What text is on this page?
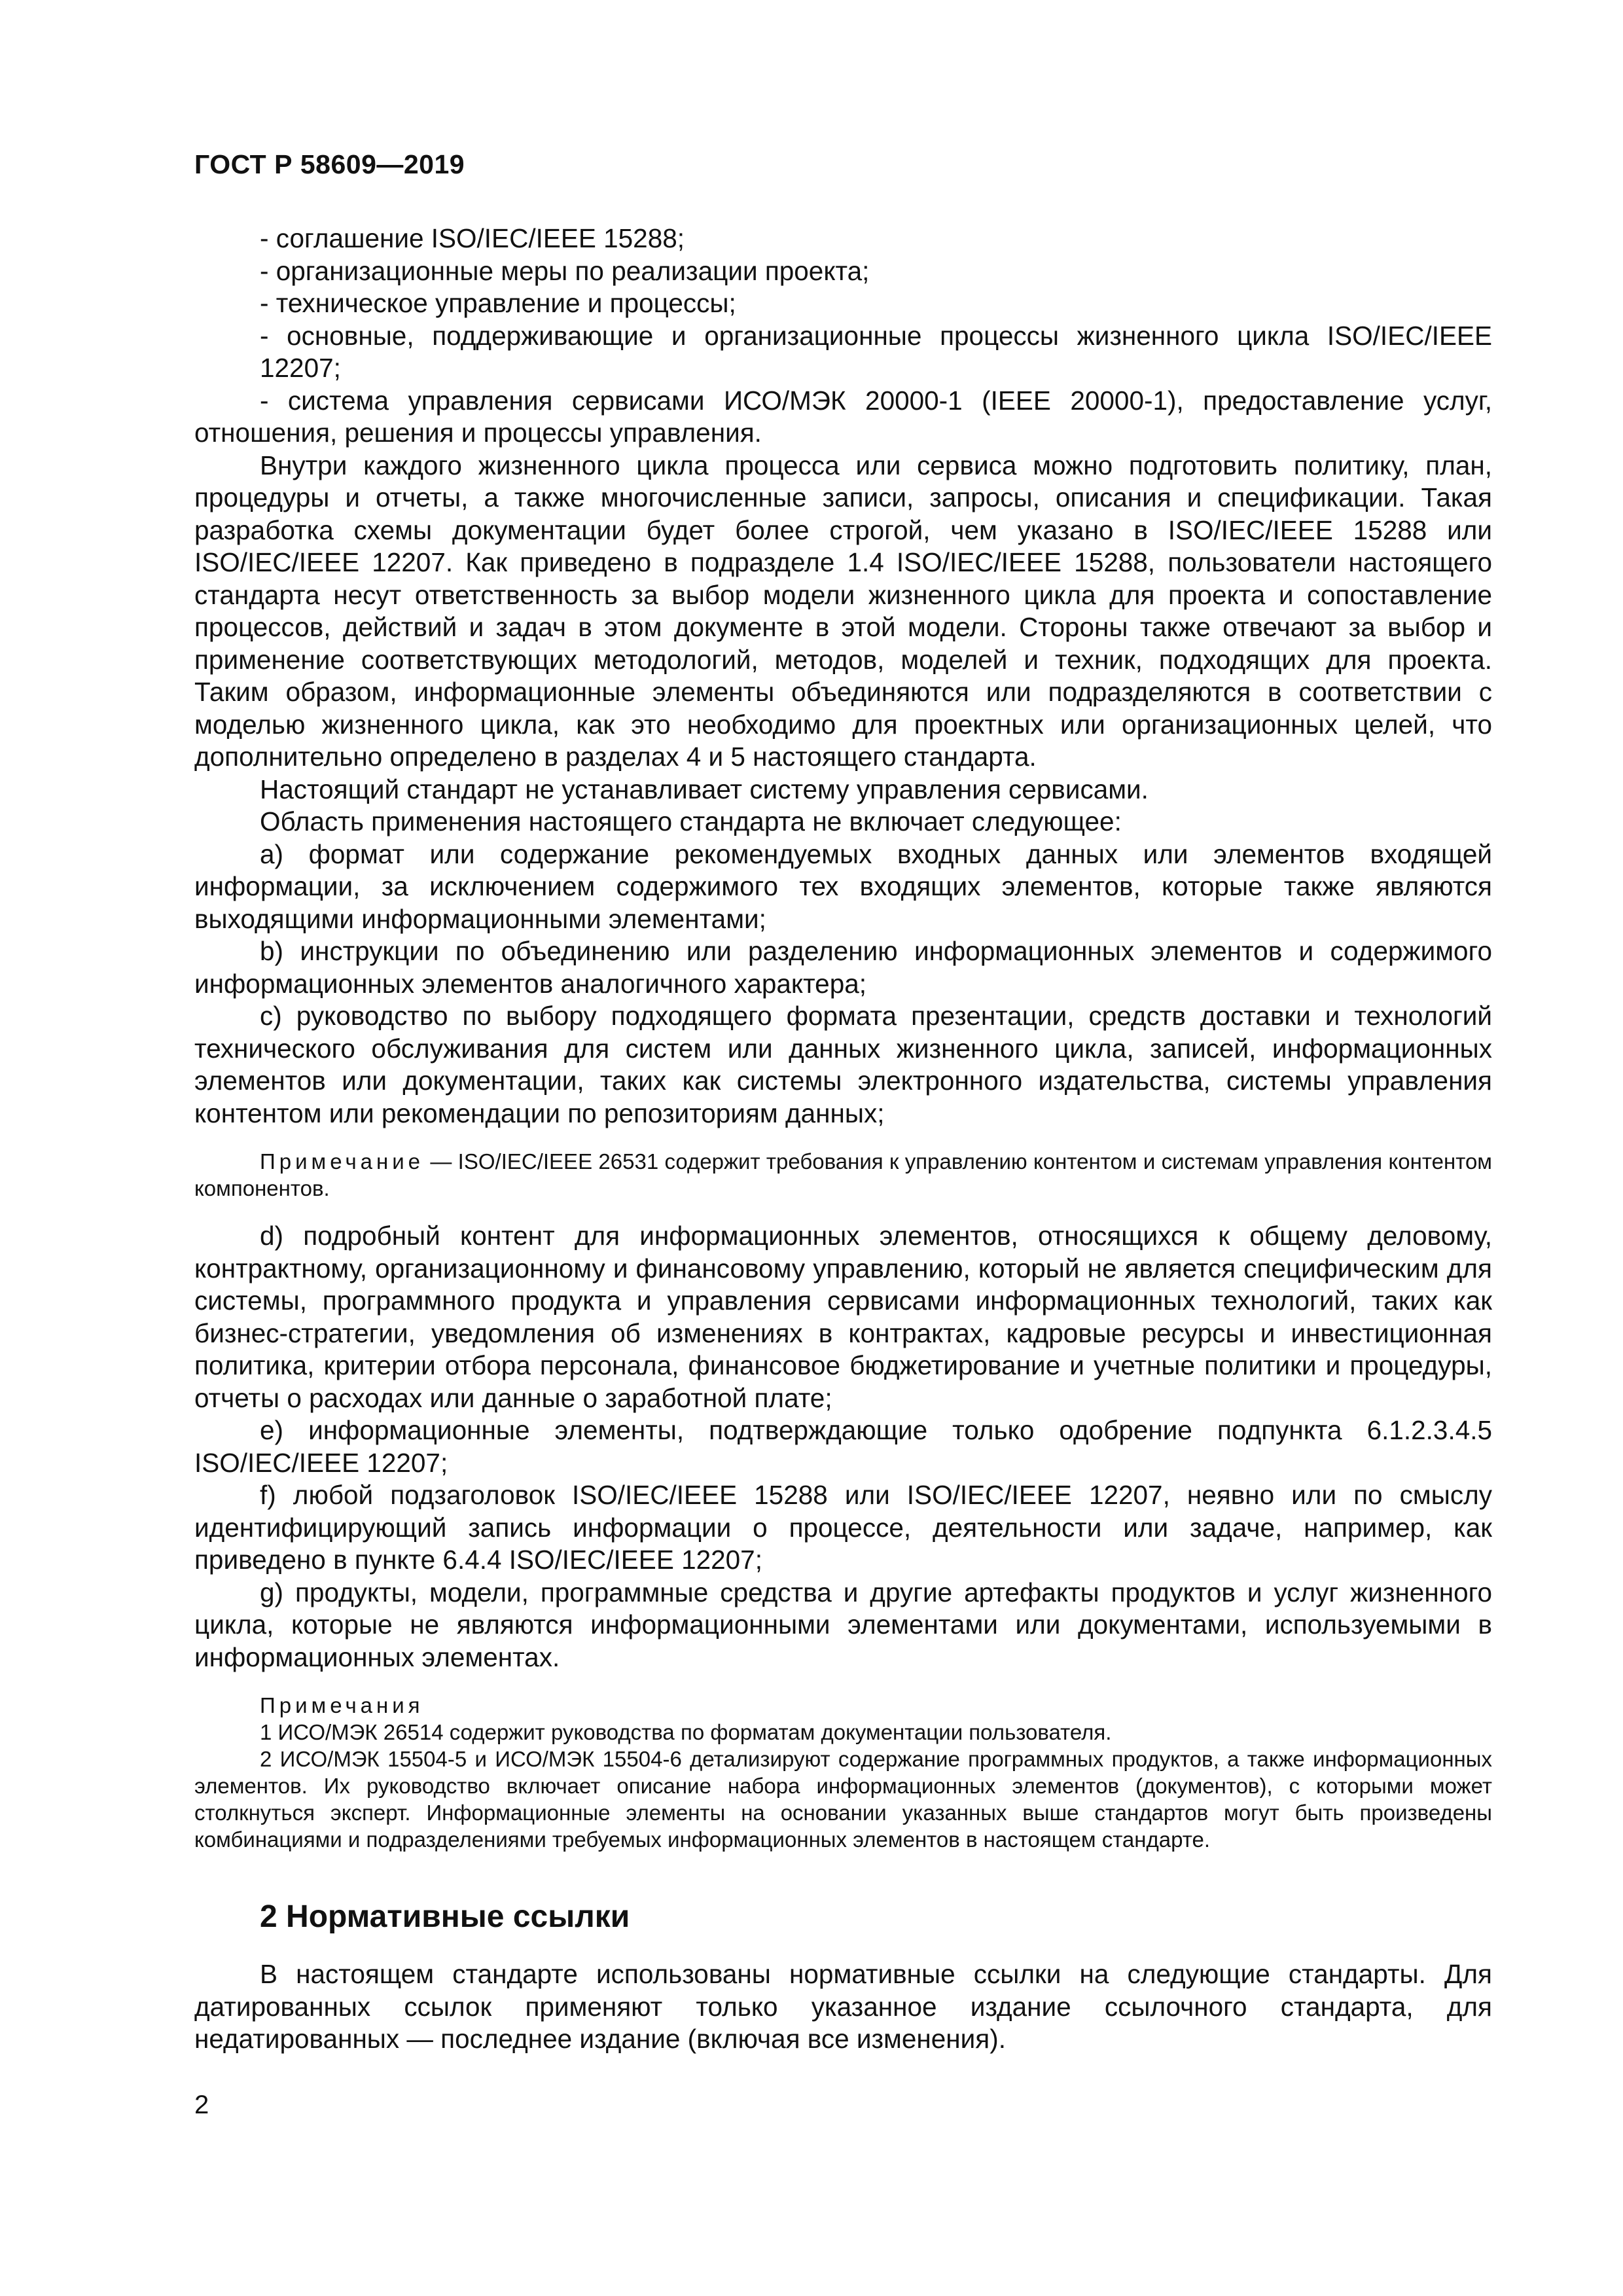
ГОСТ Р 58609—2019

- соглашение ISO/IEC/IEEE 15288;

- организационные меры по реализации проекта;

- техническое управление и процессы;

- основные, поддерживающие и организационные процессы жизненного цикла ISO/IEC/IEEE 12207;

- система управления сервисами ИСО/МЭК 20000-1 (IEEE 20000-1), предоставление услуг, отношения, решения и процессы управления.

Внутри каждого жизненного цикла процесса или сервиса можно подготовить политику, план, процедуры и отчеты, а также многочисленные записи, запросы, описания и спецификации. Такая разработка схемы документации будет более строгой, чем указано в ISO/IEC/IEEE 15288 или ISO/IEC/IEEE 12207. Как приведено в подразделе 1.4 ISO/IEC/IEEE 15288, пользователи настоящего стандарта несут ответственность за выбор модели жизненного цикла для проекта и сопоставление процессов, действий и задач в этом документе в этой модели. Стороны также отвечают за выбор и применение соответствующих методологий, методов, моделей и техник, подходящих для проекта. Таким образом, информационные элементы объединяются или подразделяются в соответствии с моделью жизненного цикла, как это необходимо для проектных или организационных целей, что дополнительно определено в разделах 4 и 5 настоящего стандарта.

Настоящий стандарт не устанавливает систему управления сервисами.

Область применения настоящего стандарта не включает следующее:

a) формат или содержание рекомендуемых входных данных или элементов входящей информации, за исключением содержимого тех входящих элементов, которые также являются выходящими информационными элементами;

b) инструкции по объединению или разделению информационных элементов и содержимого информационных элементов аналогичного характера;

c) руководство по выбору подходящего формата презентации, средств доставки и технологий технического обслуживания для систем или данных жизненного цикла, записей, информационных элементов или документации, таких как системы электронного издательства, системы управления контентом или рекомендации по репозиториям данных;

Примечание — ISO/IEC/IEEE 26531 содержит требования к управлению контентом и системам управления контентом компонентов.

d) подробный контент для информационных элементов, относящихся к общему деловому, контрактному, организационному и финансовому управлению, который не является специфическим для системы, программного продукта и управления сервисами информационных технологий, таких как бизнес-стратегии, уведомления об изменениях в контрактах, кадровые ресурсы и инвестиционная политика, критерии отбора персонала, финансовое бюджетирование и учетные политики и процедуры, отчеты о расходах или данные о заработной плате;

e) информационные элементы, подтверждающие только одобрение подпункта 6.1.2.3.4.5 ISO/IEC/IEEE 12207;

f) любой подзаголовок ISO/IEC/IEEE 15288 или ISO/IEC/IEEE 12207, неявно или по смыслу идентифицирующий запись информации о процессе, деятельности или задаче, например, как приведено в пункте 6.4.4 ISO/IEC/IEEE 12207;

g) продукты, модели, программные средства и другие артефакты продуктов и услуг жизненного цикла, которые не являются информационными элементами или документами, используемыми в информационных элементах.

Примечания

1 ИСО/МЭК 26514 содержит руководства по форматам документации пользователя.

2 ИСО/МЭК 15504-5 и ИСО/МЭК 15504-6 детализируют содержание программных продуктов, а также информационных элементов. Их руководство включает описание набора информационных элементов (документов), с которыми может столкнуться эксперт. Информационные элементы на основании указанных выше стандартов могут быть произведены комбинациями и подразделениями требуемых информационных элементов в настоящем стандарте.

2 Нормативные ссылки

В настоящем стандарте использованы нормативные ссылки на следующие стандарты. Для датированных ссылок применяют только указанное издание ссылочного стандарта, для недатированных — последнее издание (включая все изменения).

2
